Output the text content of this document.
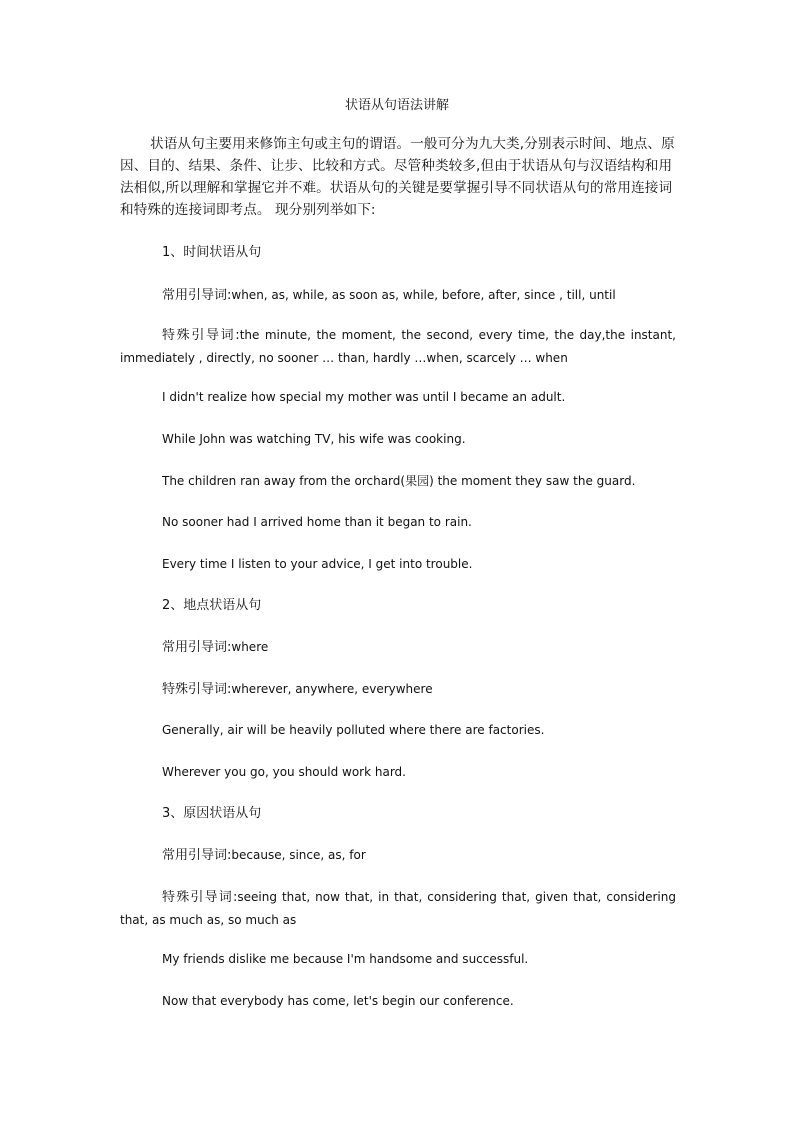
状语从句语法讲解

状语从句主要用来修饰主句或主句的谓语。一般可分为九大类,分别表示时间、地点、原因、目的、结果、条件、让步、比较和方式。尽管种类较多,但由于状语从句与汉语结构和用法相似,所以理解和掌握它并不难。状语从句的关键是要掌握引导不同状语从句的常用连接词和特殊的连接词即考点。 现分别列举如下:

1、时间状语从句

常用引导词:when, as, while, as soon as, while, before, after, since , till, until

特殊引导词:the minute, the moment, the second, every time, the day,the instant, immediately , directly, no sooner … than, hardly …when, scarcely … when

I didn't realize how special my mother was until I became an adult.

While John was watching TV, his wife was cooking.

The children ran away from the orchard(果园) the moment they saw the guard.

No sooner had I arrived home than it began to rain.

Every time I listen to your advice, I get into trouble.

2、地点状语从句

常用引导词:where

特殊引导词:wherever, anywhere, everywhere

Generally, air will be heavily polluted where there are factories.

Wherever you go, you should work hard.

3、原因状语从句

常用引导词:because, since, as, for

特殊引导词:seeing that, now that, in that, considering that, given that, considering that, as much as, so much as

My friends dislike me because I'm handsome and successful.

Now that everybody has come, let's begin our conference.
